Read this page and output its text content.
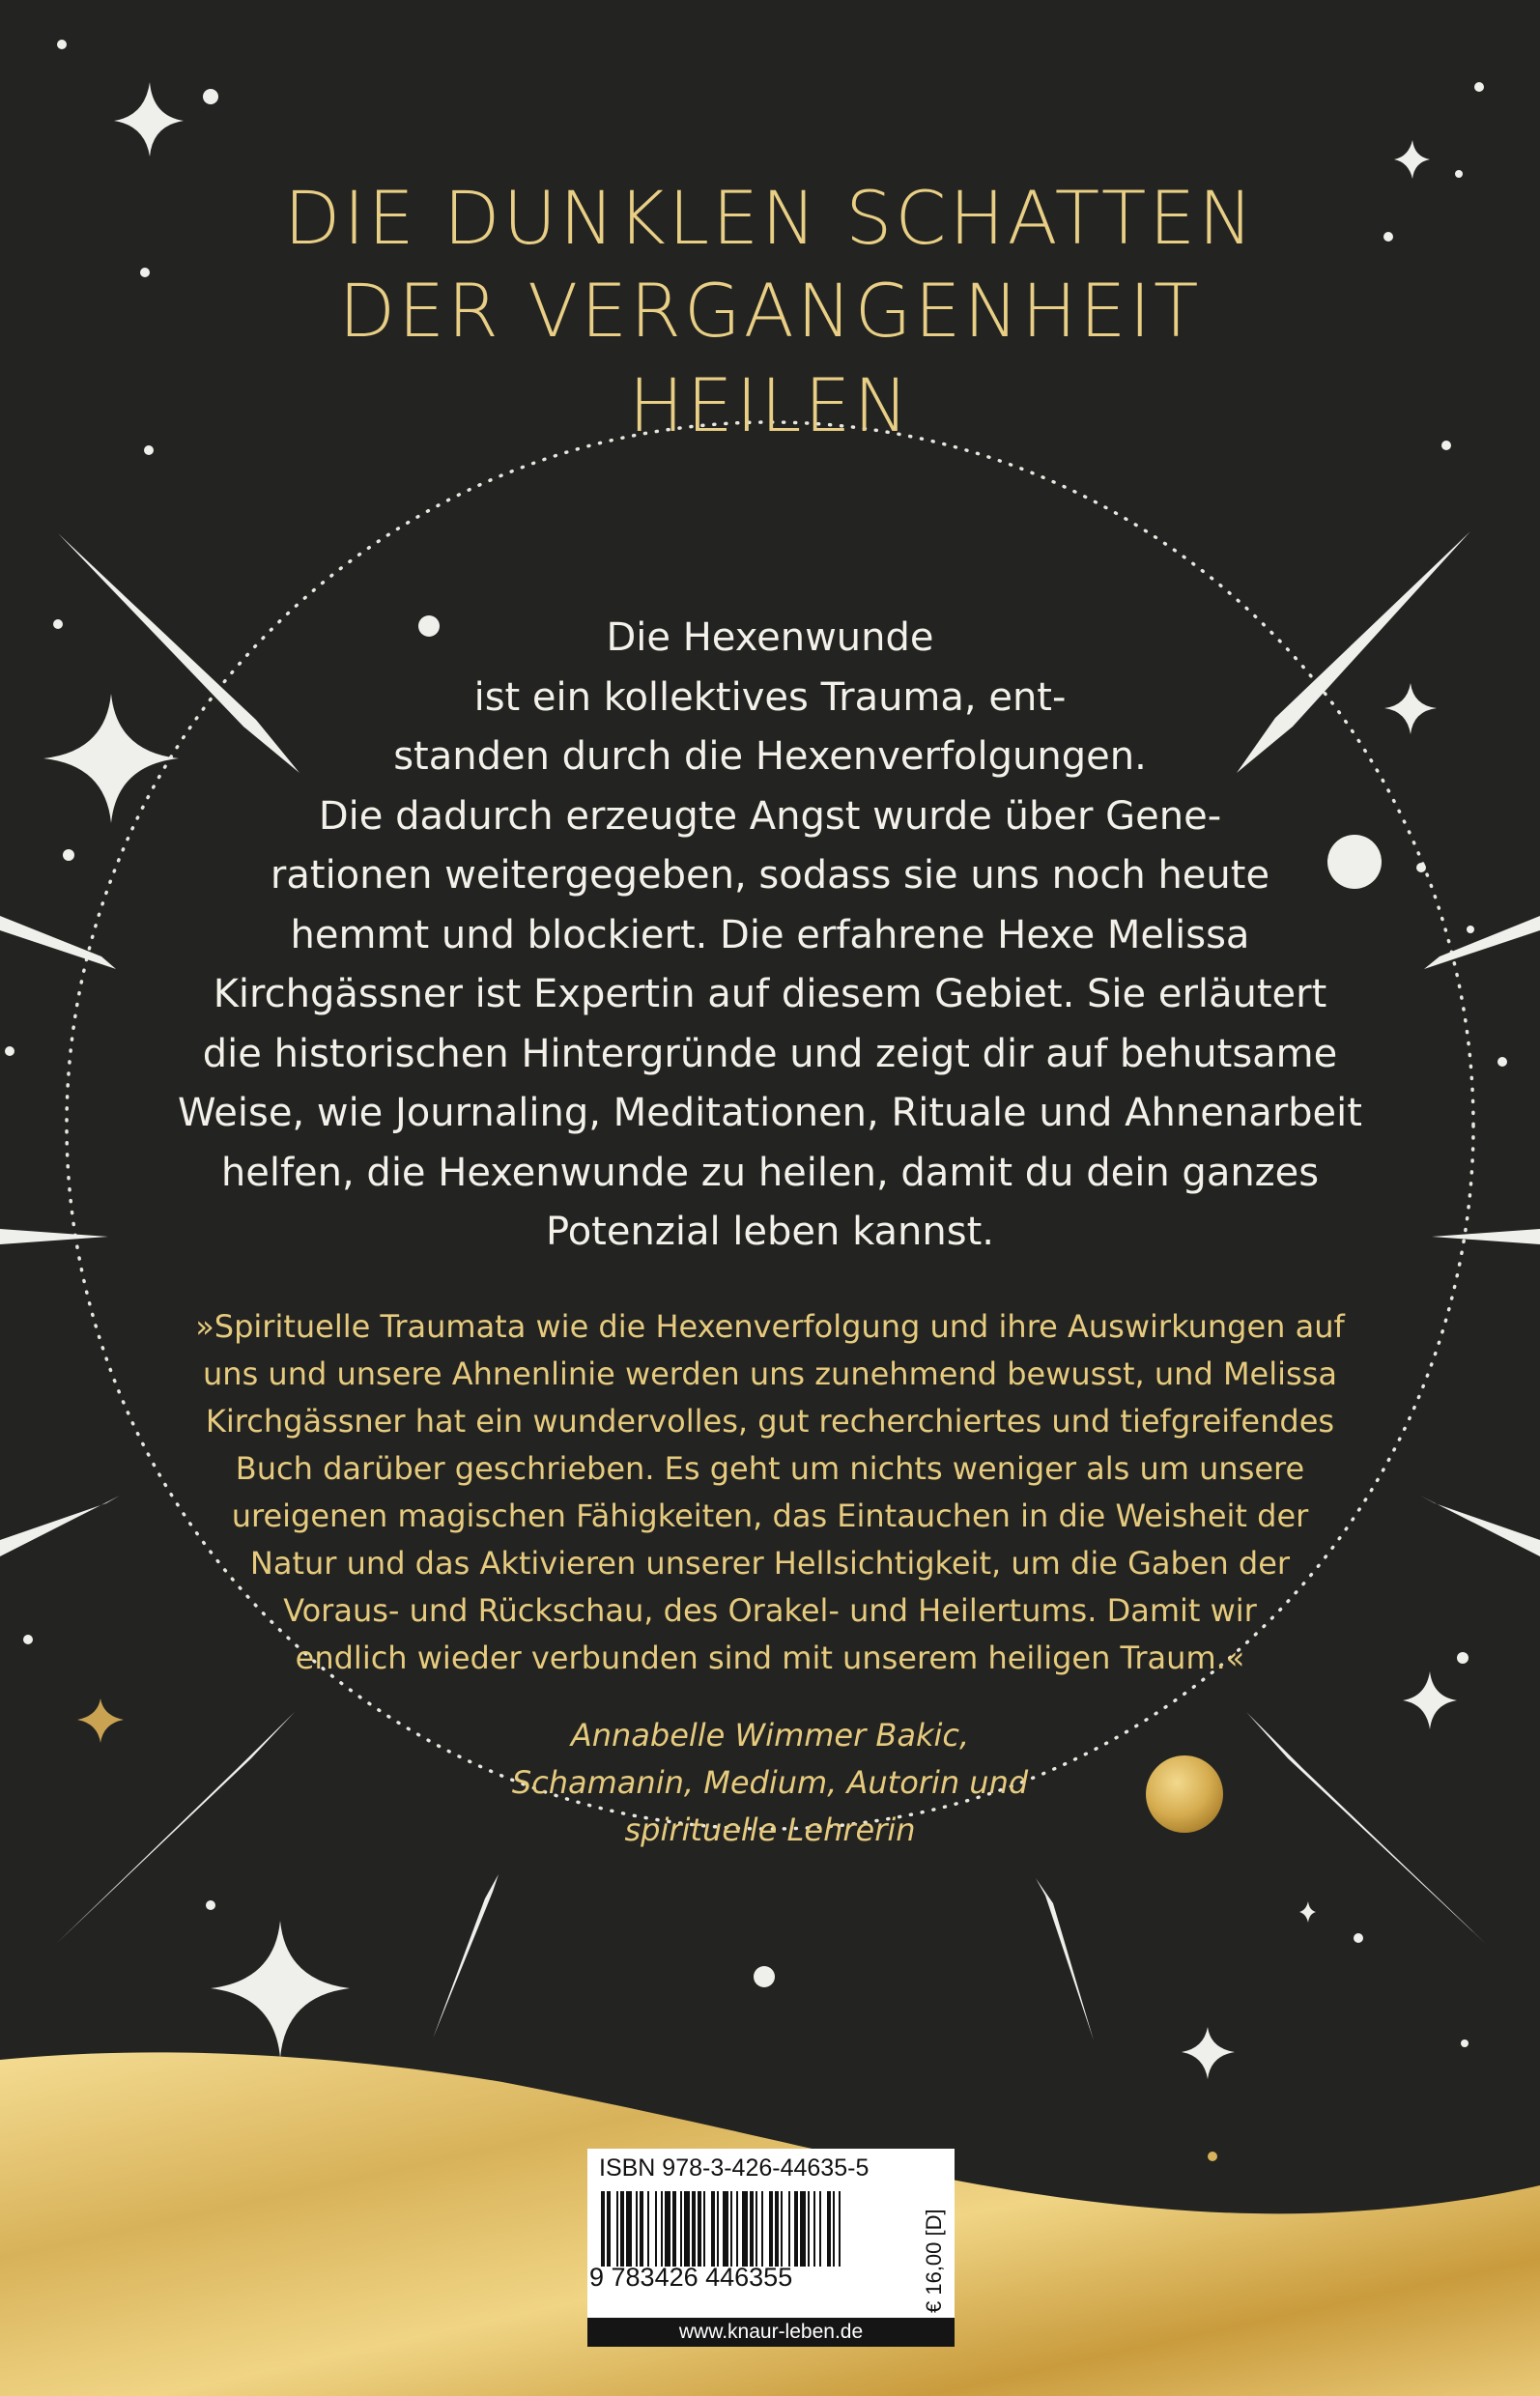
DIE DUNKLEN SCHATTEN
DER VERGANGENHEIT
HEILEN

Die Hexenwunde
ist ein kollektives Trauma, ent-
standen durch die Hexenverfolgungen.
Die dadurch erzeugte Angst wurde über Gene-
rationen weitergegeben, sodass sie uns noch heute
hemmt und blockiert. Die erfahrene Hexe Melissa
Kirchgässner ist Expertin auf diesem Gebiet. Sie erläutert
die historischen Hintergründe und zeigt dir auf behutsame
Weise, wie Journaling, Meditationen, Rituale und Ahnenarbeit
helfen, die Hexenwunde zu heilen, damit du dein ganzes
Potenzial leben kannst.

»Spirituelle Traumata wie die Hexenverfolgung und ihre Auswirkungen auf
uns und unsere Ahnenlinie werden uns zunehmend bewusst, und Melissa
Kirchgässner hat ein wundervolles, gut recherchiertes und tiefgreifendes
Buch darüber geschrieben. Es geht um nichts weniger als um unsere
ureigenen magischen Fähigkeiten, das Eintauchen in die Weisheit der
Natur und das Aktivieren unserer Hellsichtigkeit, um die Gaben der
Voraus- und Rückschau, des Orakel- und Heilertums. Damit wir
endlich wieder verbunden sind mit unserem heiligen Traum.«

Annabelle Wimmer Bakic,
Schamanin, Medium, Autorin und
spirituelle Lehrerin
ISBN 978-3-426-44635-5
9 783426 446355	€ 16,00 [D]
www.knaur-leben.de
